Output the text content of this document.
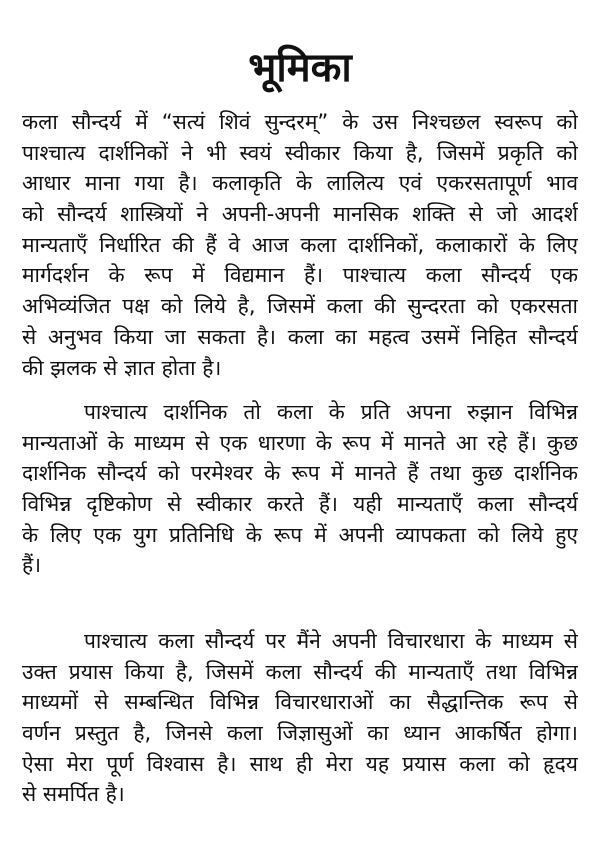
भूमिका
कला सौन्दर्य में “सत्यं शिवं सुन्दरम्” के उस निश्चछल स्वरूप को
पाश्चात्य दार्शनिकों ने भी स्वयं स्वीकार किया है, जिसमें प्रकृति को
आधार माना गया है। कलाकृति के लालित्य एवं एकरसतापूर्ण भाव
को सौन्दर्य शास्त्रियों ने अपनी-अपनी मानसिक शक्ति से जो आदर्श
मान्यताएँ निर्धारित की हैं वे आज कला दार्शनिकों, कलाकारों के लिए
मार्गदर्शन के रूप में विद्यमान हैं। पाश्चात्य कला सौन्दर्य एक
अभिव्यंजित पक्ष को लिये है, जिसमें कला की सुन्दरता को एकरसता
से अनुभव किया जा सकता है। कला का महत्व उसमें निहित सौन्दर्य
की झलक से ज्ञात होता है।
पाश्चात्य दार्शनिक तो कला के प्रति अपना रुझान विभिन्न
मान्यताओं के माध्यम से एक धारणा के रूप में मानते आ रहे हैं। कुछ
दार्शनिक सौन्दर्य को परमेश्वर के रूप में मानते हैं तथा कुछ दार्शनिक
विभिन्न दृष्टिकोण से स्वीकार करते हैं। यही मान्यताएँ कला सौन्दर्य
के लिए एक युग प्रतिनिधि के रूप में अपनी व्यापकता को लिये हुए
हैं।
पाश्चात्य कला सौन्दर्य पर मैंने अपनी विचारधारा के माध्यम से
उक्त प्रयास किया है, जिसमें कला सौन्दर्य की मान्यताएँ तथा विभिन्न
माध्यमों से सम्बन्धित विभिन्न विचारधाराओं का सैद्धान्तिक रूप से
वर्णन प्रस्तुत है, जिनसे कला जिज्ञासुओं का ध्यान आकर्षित होगा।
ऐसा मेरा पूर्ण विश्वास है। साथ ही मेरा यह प्रयास कला को हृदय
से समर्पित है।
